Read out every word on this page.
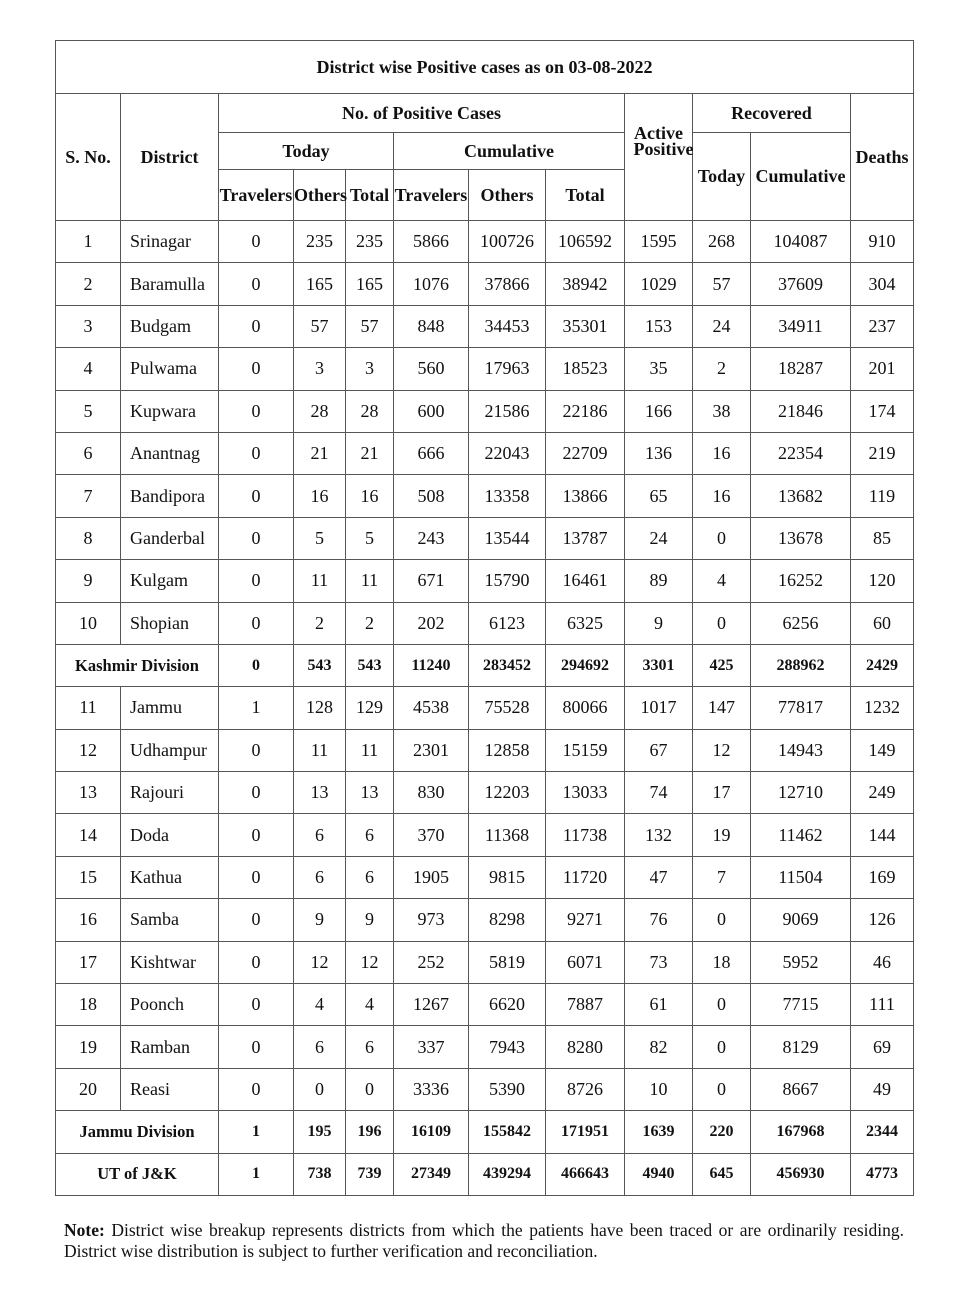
District wise Positive cases as on 03-08-2022											
S. No.	District	No. of Positive Cases						Active Positive	Recovered		Deaths
		Today			Cumulative				Today	Cumulative	
		Travelers	Others	Total	Travelers	Others	Total				
1	Srinagar	0	235	235	5866	100726	106592	1595	268	104087	910
2	Baramulla	0	165	165	1076	37866	38942	1029	57	37609	304
3	Budgam	0	57	57	848	34453	35301	153	24	34911	237
4	Pulwama	0	3	3	560	17963	18523	35	2	18287	201
5	Kupwara	0	28	28	600	21586	22186	166	38	21846	174
6	Anantnag	0	21	21	666	22043	22709	136	16	22354	219
7	Bandipora	0	16	16	508	13358	13866	65	16	13682	119
8	Ganderbal	0	5	5	243	13544	13787	24	0	13678	85
9	Kulgam	0	11	11	671	15790	16461	89	4	16252	120
10	Shopian	0	2	2	202	6123	6325	9	0	6256	60
Kashmir Division		0	543	543	11240	283452	294692	3301	425	288962	2429
11	Jammu	1	128	129	4538	75528	80066	1017	147	77817	1232
12	Udhampur	0	11	11	2301	12858	15159	67	12	14943	149
13	Rajouri	0	13	13	830	12203	13033	74	17	12710	249
14	Doda	0	6	6	370	11368	11738	132	19	11462	144
15	Kathua	0	6	6	1905	9815	11720	47	7	11504	169
16	Samba	0	9	9	973	8298	9271	76	0	9069	126
17	Kishtwar	0	12	12	252	5819	6071	73	18	5952	46
18	Poonch	0	4	4	1267	6620	7887	61	0	7715	111
19	Ramban	0	6	6	337	7943	8280	82	0	8129	69
20	Reasi	0	0	0	3336	5390	8726	10	0	8667	49
Jammu Division		1	195	196	16109	155842	171951	1639	220	167968	2344
UT of J&K		1	738	739	27349	439294	466643	4940	645	456930	4773
Note: District wise breakup represents districts from which the patients have been traced or are ordinarily residing. District wise distribution is subject to further verification and reconciliation.
